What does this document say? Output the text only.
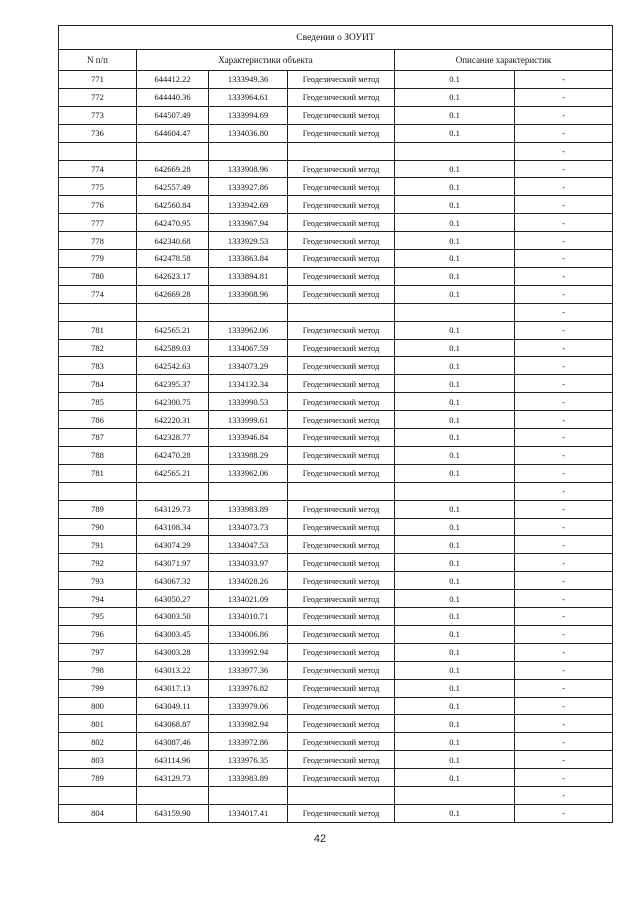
Сведения о ЗОУИТ					
N п/п	Характеристики объекта			Описание характеристик	
771	644412.22	1333949.36	Геодезический метод	0.1	-
772	644440.36	1333964.61	Геодезический метод	0.1	-
773	644507.49	1333994.69	Геодезический метод	0.1	-
736	644604.47	1334036.80	Геодезический метод	0.1	-
					-
774	642669.28	1333908.96	Геодезический метод	0.1	-
775	642557.49	1333927.86	Геодезический метод	0.1	-
776	642560.84	1333942.69	Геодезический метод	0.1	-
777	642470.95	1333967.94	Геодезический метод	0.1	-
778	642340.68	1333929.53	Геодезический метод	0.1	-
779	642478.58	1333863.84	Геодезический метод	0.1	-
780	642623.17	1333894.81	Геодезический метод	0.1	-
774	642669.28	1333908.96	Геодезический метод	0.1	-
					-
781	642565.21	1333962.06	Геодезический метод	0.1	-
782	642589.03	1334067.59	Геодезический метод	0.1	-
783	642542.63	1334073.29	Геодезический метод	0.1	-
784	642395.37	1334132.34	Геодезический метод	0.1	-
785	642300.75	1333990.53	Геодезический метод	0.1	-
786	642220.31	1333999.61	Геодезический метод	0.1	-
787	642328.77	1333946.84	Геодезический метод	0.1	-
788	642470.28	1333988.29	Геодезический метод	0.1	-
781	642565.21	1333962.06	Геодезический метод	0.1	-
					-
789	643129.73	1333983.89	Геодезический метод	0.1	-
790	643108.34	1334073.73	Геодезический метод	0.1	-
791	643074.29	1334047.53	Геодезический метод	0.1	-
792	643071.97	1334033.97	Геодезический метод	0.1	-
793	643067.32	1334028.26	Геодезический метод	0.1	-
794	643050.27	1334021.09	Геодезический метод	0.1	-
795	643003.50	1334010.71	Геодезический метод	0.1	-
796	643003.45	1334006.86	Геодезический метод	0.1	-
797	643003.28	1333992.94	Геодезический метод	0.1	-
798	643013.22	1333977.36	Геодезический метод	0.1	-
799	643017.13	1333976.82	Геодезический метод	0.1	-
800	643049.11	1333979.06	Геодезический метод	0.1	-
801	643068.87	1333982.94	Геодезический метод	0.1	-
802	643087.46	1333972.86	Геодезический метод	0.1	-
803	643114.96	1333976.35	Геодезический метод	0.1	-
789	643129.73	1333983.89	Геодезический метод	0.1	-
					-
804	643159.90	1334017.41	Геодезический метод	0.1	-
42
